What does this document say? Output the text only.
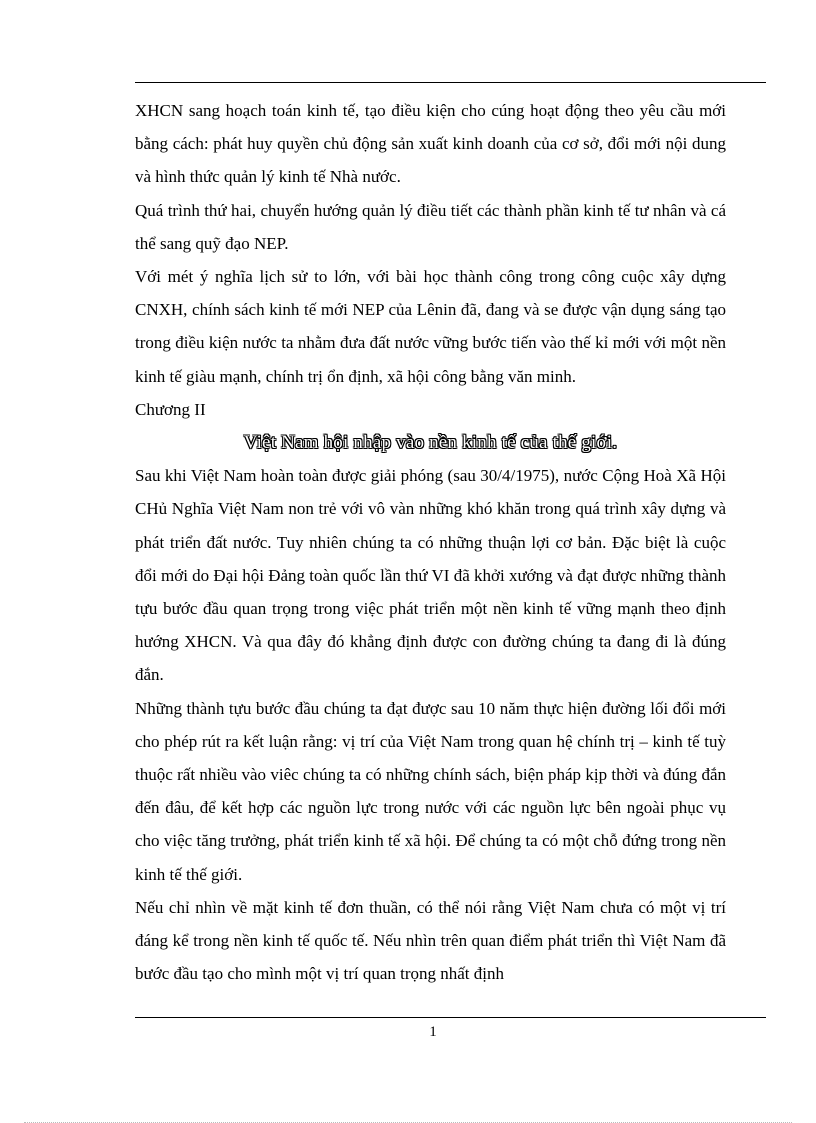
XHCN sang hoạch toán kinh tế, tạo điều kiện cho cúng hoạt động theo yêu cầu mới bằng cách: phát huy quyền chủ động sản xuất kinh doanh của cơ sở, đổi mới nội dung và hình thức quản lý kinh tế Nhà nước.

Quá trình thứ hai, chuyển hướng quản lý điều tiết các thành phần kinh tế tư nhân và cá thể sang quỹ đạo NEP.

Với mét ý nghĩa lịch sử to lớn, với bài học thành công trong công cuộc xây dựng CNXH, chính sách kinh tế mới NEP của Lênin đã, đang và se được vận dụng sáng tạo trong điều kiện nước ta nhằm đưa đất nước vững bước tiến vào thế kỉ mới với một nền kinh tế giàu mạnh, chính trị ổn định, xã hội công bằng văn minh.

Chương II

Việt Nam hội nhập vào nền kinh tế của thế giới.

Sau khi Việt Nam hoàn toàn được giải phóng (sau 30/4/1975), nước Cộng Hoà Xã Hội CHủ Nghĩa Việt Nam non trẻ với vô vàn những khó khăn trong quá trình xây dựng và phát triển đất nước. Tuy nhiên chúng ta có những thuận lợi cơ bản. Đặc biệt là cuộc đổi mới do Đại hội Đảng toàn quốc lần thứ VI đã khởi xướng và đạt được những thành tựu bước đầu quan trọng trong việc phát triển một nền kinh tế vững mạnh theo định hướng XHCN. Và qua đây đó khẳng định được con đường chúng ta đang đi là đúng đắn.

Những thành tựu bước đầu chúng ta đạt được sau 10 năm thực hiện đường lối đổi mới cho phép rút ra kết luận rằng: vị trí của Việt Nam trong quan hệ chính trị – kinh tế tuỳ thuộc rất nhiều vào viêc chúng ta có những chính sách, biện pháp kịp thời và đúng đắn đến đâu, để kết hợp các nguồn lực trong nước với các nguồn lực bên ngoài phục vụ cho việc tăng trưởng, phát triển kinh tế xã hội. Để chúng ta có một chỗ đứng trong nền kinh tế thế giới.

Nếu chỉ nhìn về mặt kinh tế đơn thuần, có thể nói rằng Việt Nam chưa có một vị trí đáng kể trong nền kinh tế quốc tế. Nếu nhìn trên quan điểm phát triển thì Việt Nam đã bước đầu tạo cho mình một vị trí quan trọng nhất định

1
